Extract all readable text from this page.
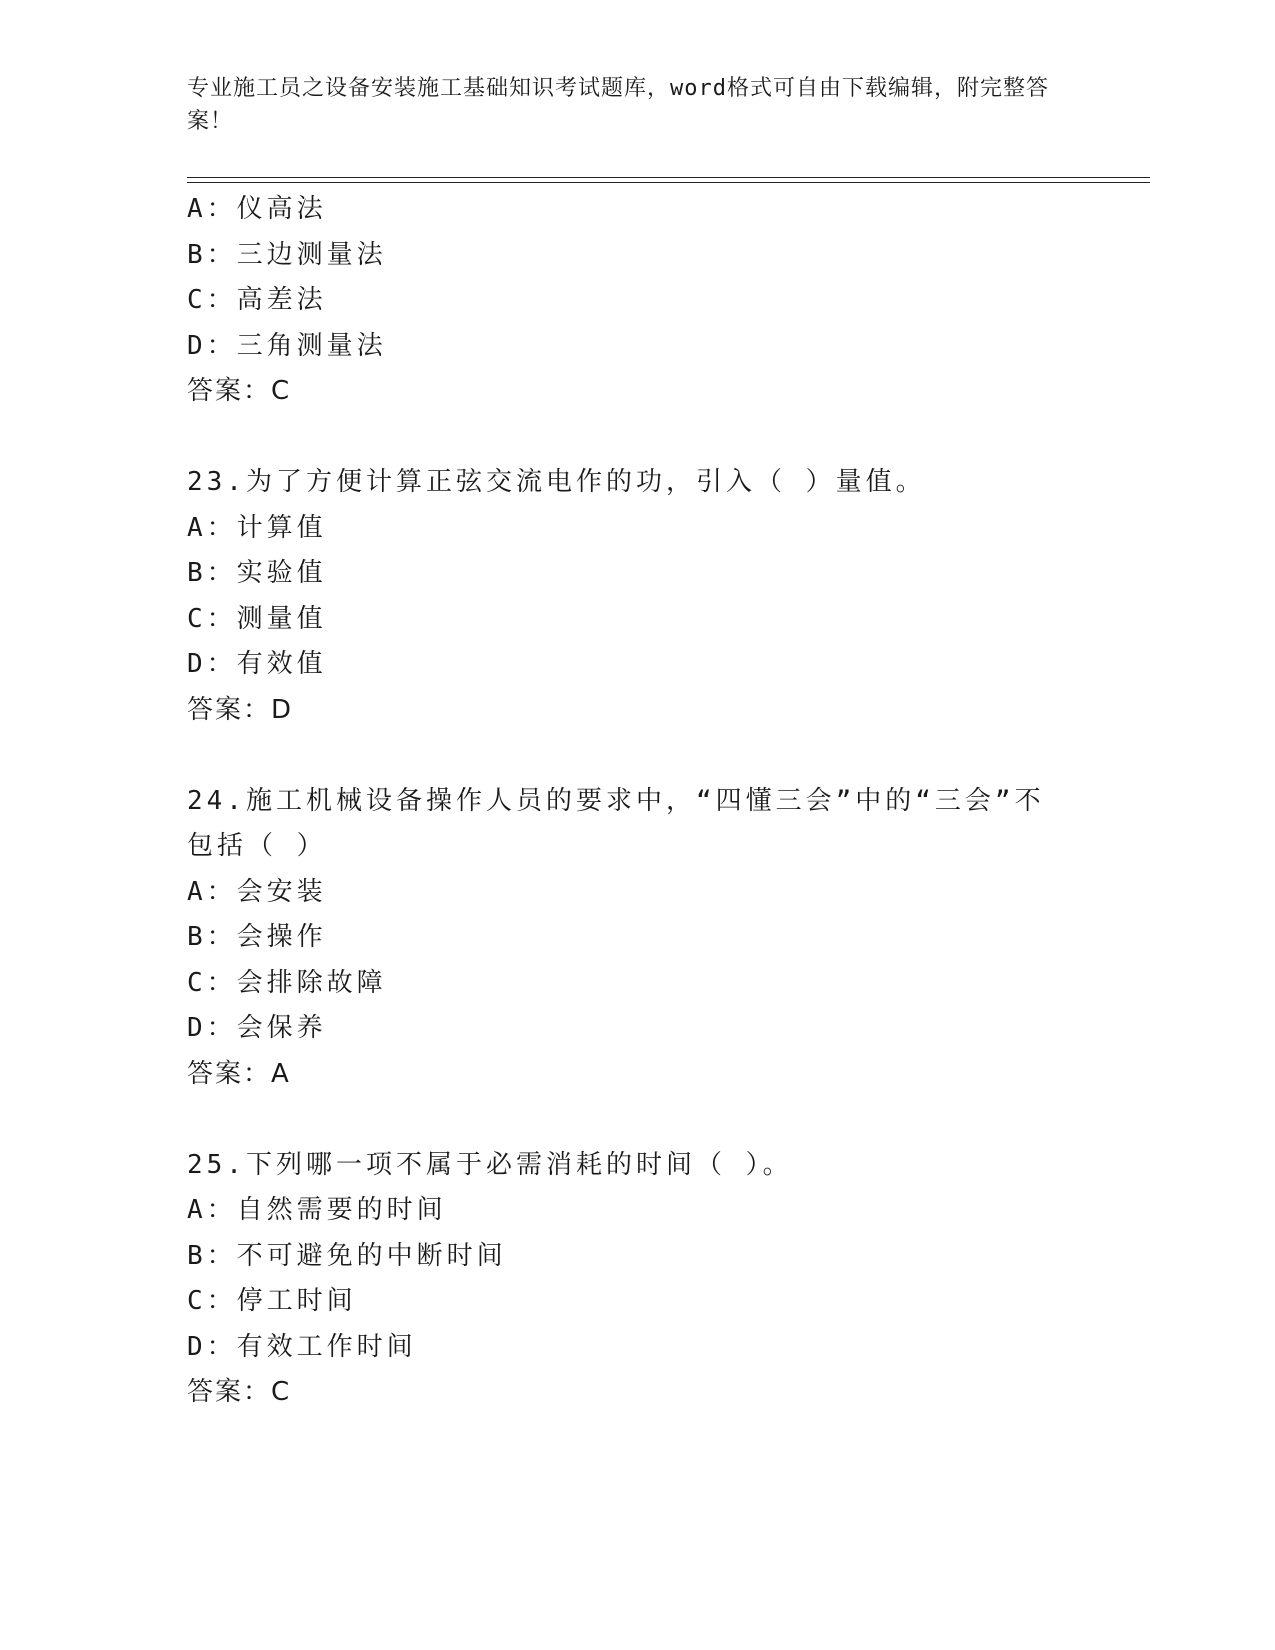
专业施工员之设备安装施工基础知识考试题库，word格式可自由下载编辑，附完整答案！
A：仪高法
B：三边测量法
C：高差法
D：三角测量法
答案：C
23.为了方便计算正弦交流电作的功，引入（ ）量值。
A：计算值
B：实验值
C：测量值
D：有效值
答案：D
24.施工机械设备操作人员的要求中，“四懂三会”中的“三会”不包括（ ）
A：会安装
B：会操作
C：会排除故障
D：会保养
答案：A
25.下列哪一项不属于必需消耗的时间（ ）。
A：自然需要的时间
B：不可避免的中断时间
C：停工时间
D：有效工作时间
答案：C
